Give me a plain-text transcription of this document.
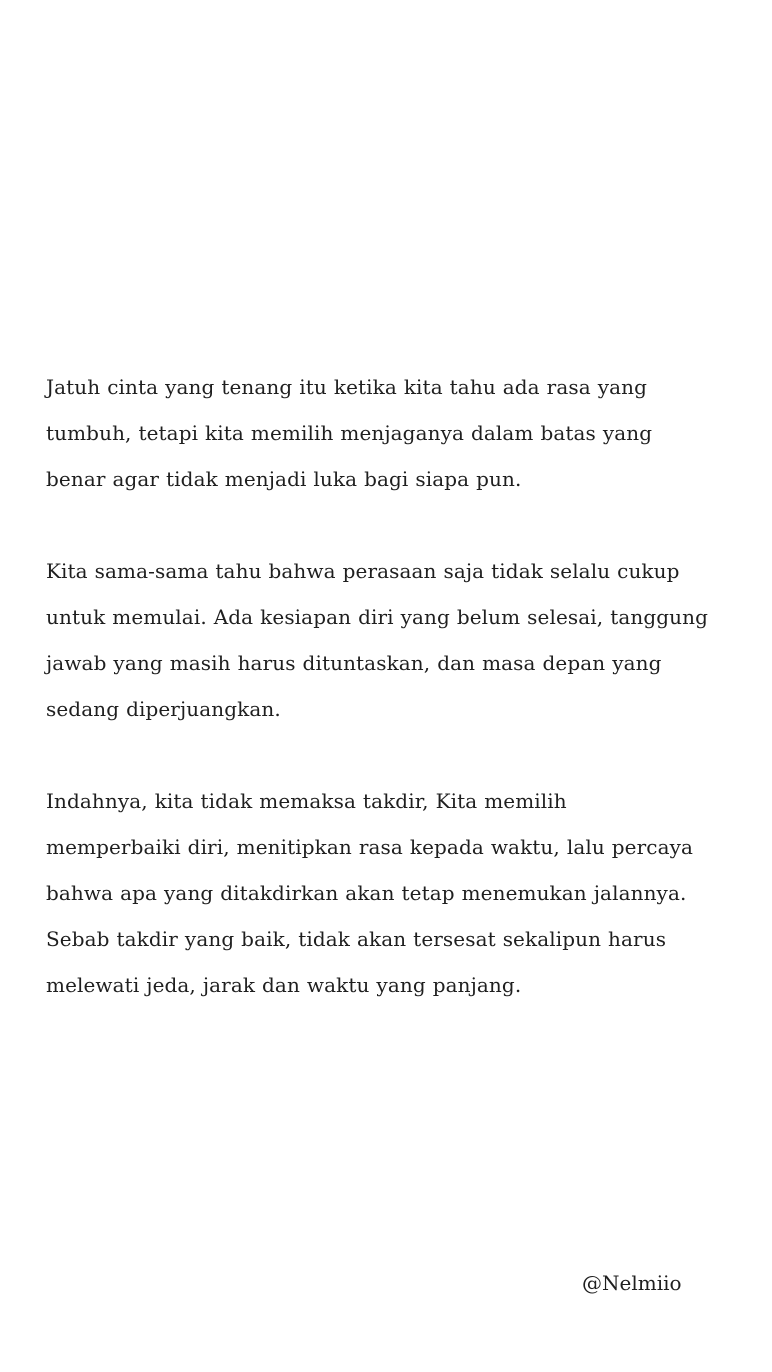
Jatuh cinta yang tenang itu ketika kita tahu ada rasa yang
tumbuh, tetapi kita memilih menjaganya dalam batas yang
benar agar tidak menjadi luka bagi siapa pun.

Kita sama-sama tahu bahwa perasaan saja tidak selalu cukup
untuk memulai. Ada kesiapan diri yang belum selesai, tanggung
jawab yang masih harus dituntaskan, dan masa depan yang
sedang diperjuangkan.

Indahnya, kita tidak memaksa takdir, Kita memilih
memperbaiki diri, menitipkan rasa kepada waktu, lalu percaya
bahwa apa yang ditakdirkan akan tetap menemukan jalannya.
Sebab takdir yang baik, tidak akan tersesat sekalipun harus
melewati jeda, jarak dan waktu yang panjang.

@Nelmiio
